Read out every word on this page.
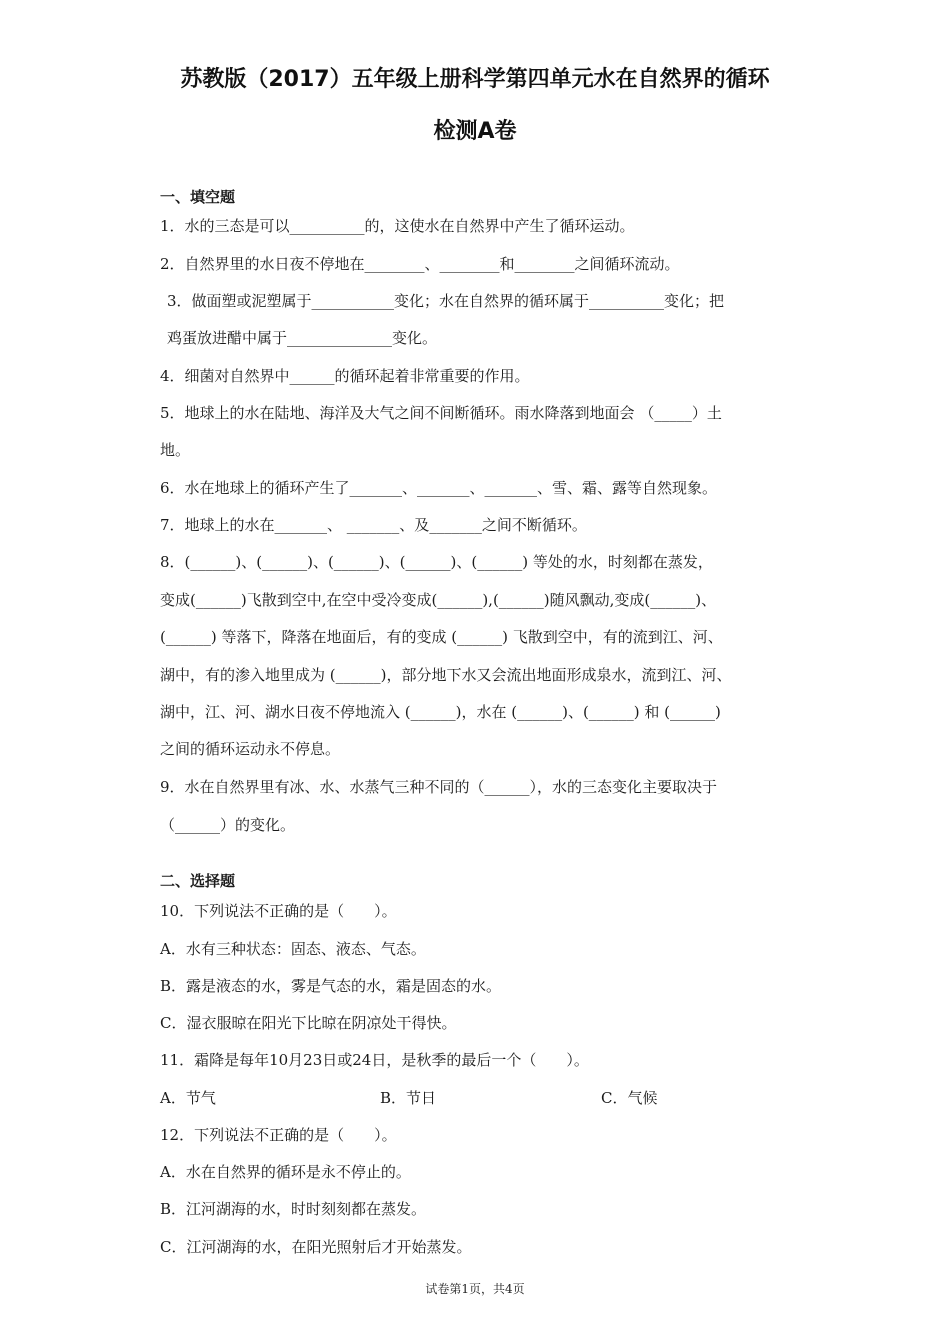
苏教版（2017）五年级上册科学第四单元水在自然界的循环
检测A卷
一、填空题
1．水的三态是可以__________的，这使水在自然界中产生了循环运动。
2．自然界里的水日夜不停地在________、________和________之间循环流动。
3．做面塑或泥塑属于___________变化；水在自然界的循环属于__________变化；把
鸡蛋放进醋中属于______________变化。
4．细菌对自然界中______的循环起着非常重要的作用。
5．地球上的水在陆地、海洋及大气之间不间断循环。雨水降落到地面会 （_____）土
地。
6．水在地球上的循环产生了_______、_______、_______、雪、霜、露等自然现象。
7．地球上的水在_______、 _______、及_______之间不断循环。
8．(______)、(______)、(______)、(______)、(______) 等处的水，时刻都在蒸发，
变成(______)飞散到空中,在空中受冷变成(______),(______)随风飘动,变成(______)、
(______) 等落下，降落在地面后，有的变成 (______) 飞散到空中，有的流到江、河、
湖中，有的渗入地里成为 (______)，部分地下水又会流出地面形成泉水，流到江、河、
湖中，江、河、湖水日夜不停地流入 (______)，水在 (______)、(______) 和 (______)
之间的循环运动永不停息。
9．水在自然界里有冰、水、水蒸气三种不同的（______），水的三态变化主要取决于
（______）的变化。
二、选择题
10．下列说法不正确的是（　　）。
A．水有三种状态：固态、液态、气态。
B．露是液态的水，雾是气态的水，霜是固态的水。
C．湿衣服晾在阳光下比晾在阴凉处干得快。
11．霜降是每年10月23日或24日，是秋季的最后一个（　　）。
A．节气	B．节日	C．气候
12．下列说法不正确的是（　　）。
A．水在自然界的循环是永不停止的。
B．江河湖海的水，时时刻刻都在蒸发。
C．江河湖海的水，在阳光照射后才开始蒸发。
试卷第1页，共4页
